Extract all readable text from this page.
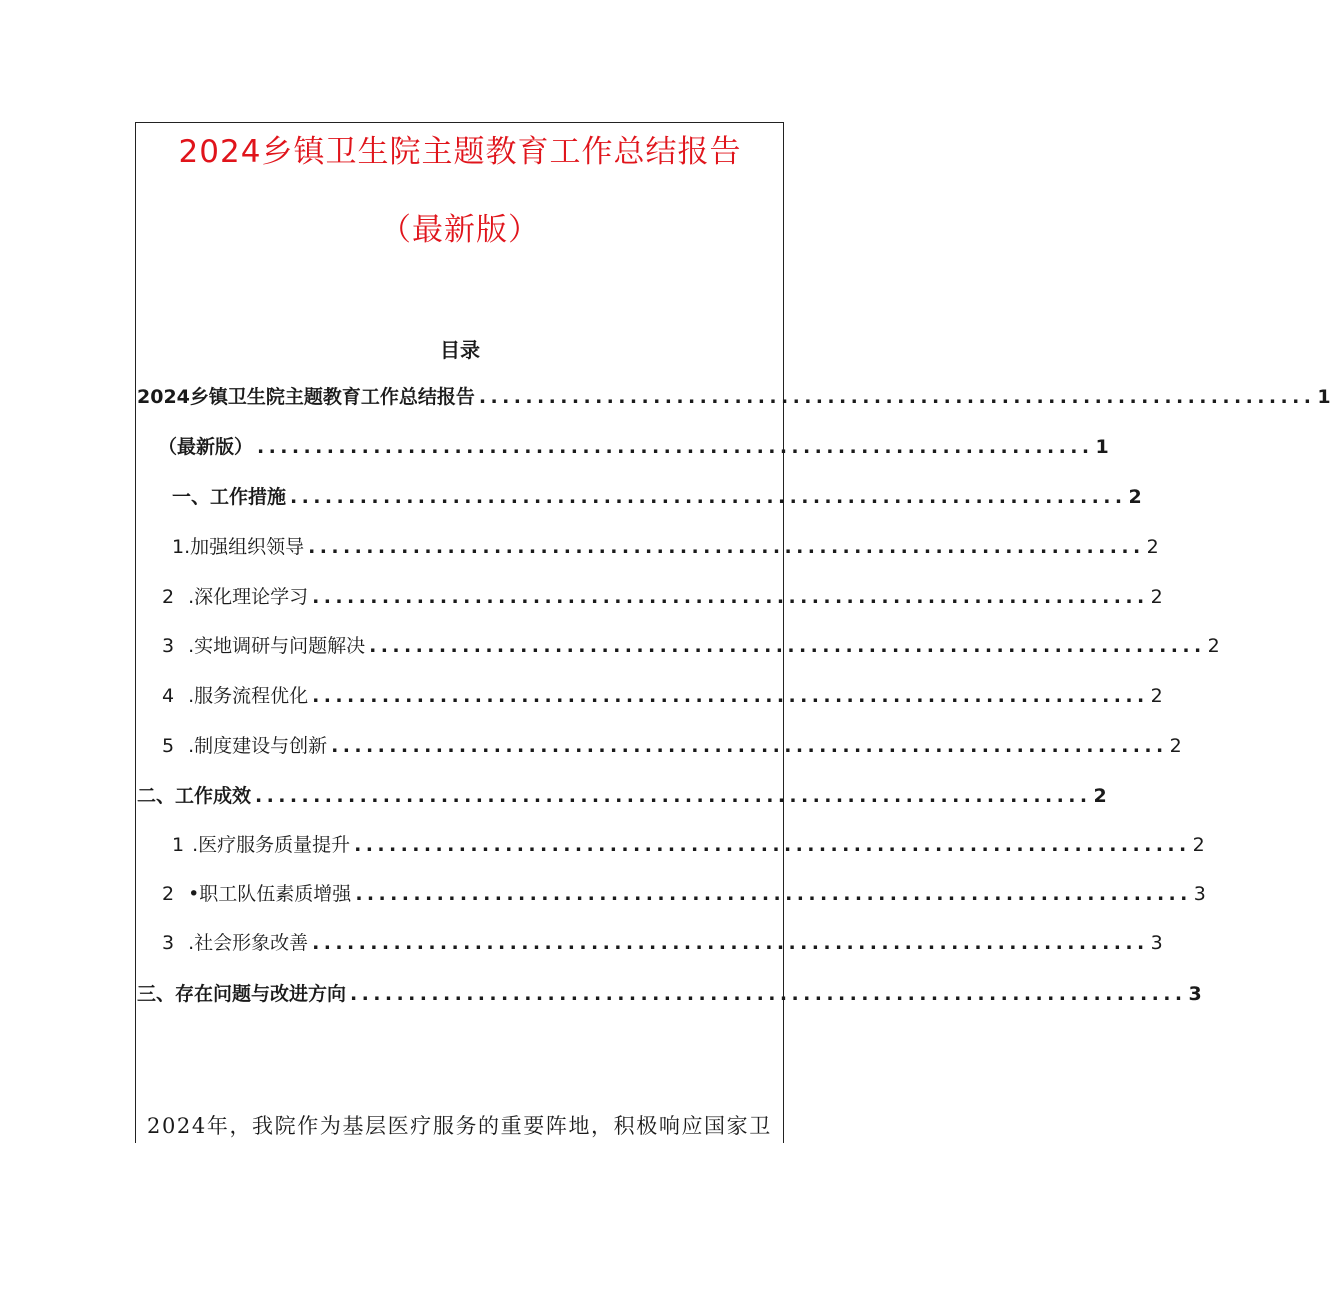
2024乡镇卫生院主题教育工作总结报告
（最新版）
目录
2024乡镇卫生院主题教育工作总结报告 ........................................................................ 1
（最新版） ........................................................................ 1
一、工作措施 ........................................................................ 2
1.加强组织领导 ........................................................................ 2
2 .深化理论学习 ........................................................................ 2
3 .实地调研与问题解决 ........................................................................ 2
4 .服务流程优化 ........................................................................ 2
5 .制度建设与创新 ........................................................................ 2
二、工作成效 ........................................................................ 2
1 .医疗服务质量提升 ........................................................................ 2
2 •职工队伍素质增强 ........................................................................ 3
3 .社会形象改善 ........................................................................ 3
三、存在问题与改进方向 ........................................................................ 3
2024年，我院作为基层医疗服务的重要阵地，积极响应国家卫
